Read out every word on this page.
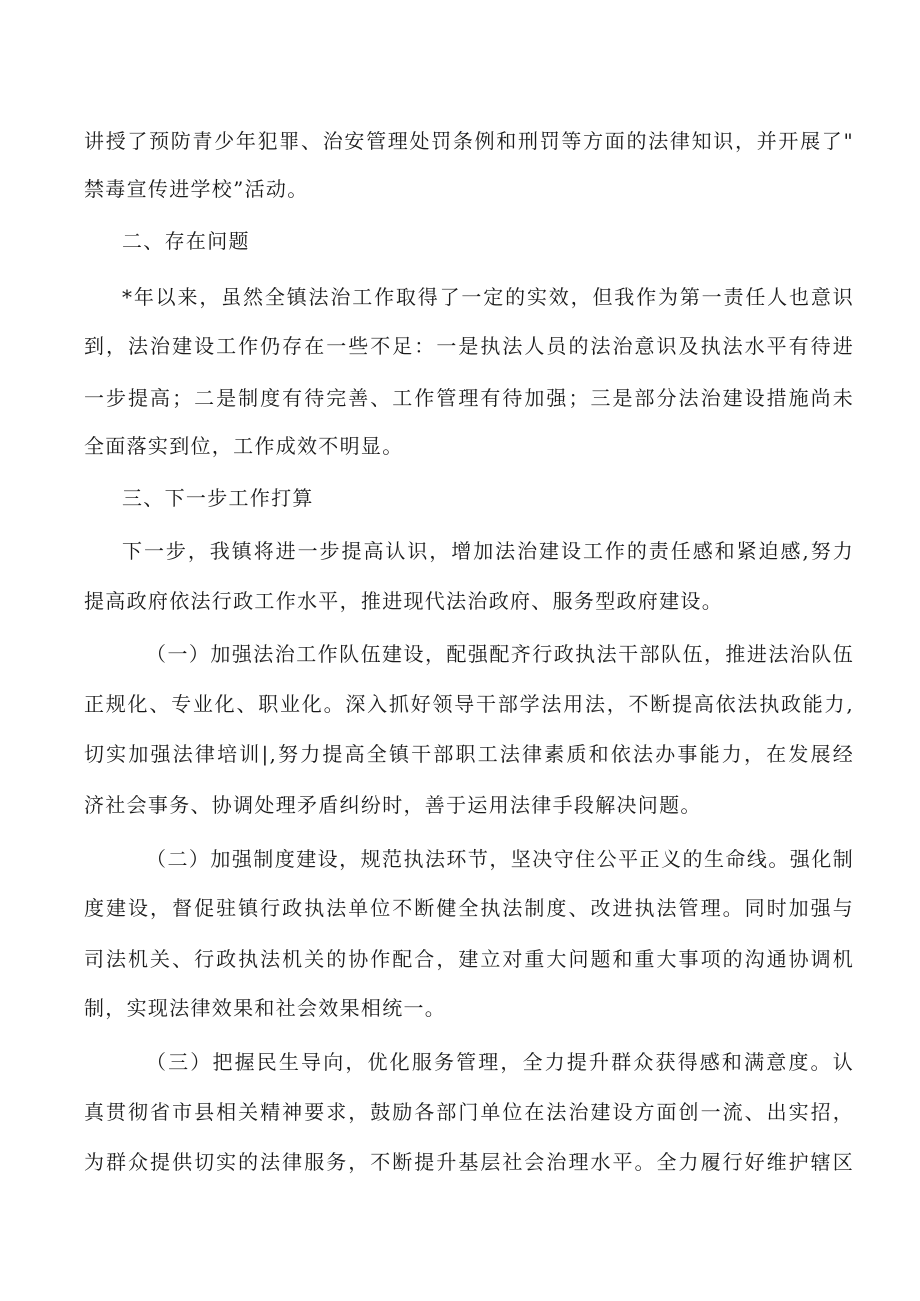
讲授了预防青少年犯罪、治安管理处罚条例和刑罚等方面的法律知识，并开展了"
禁毒宣传进学校”活动。
二、存在问题
*年以来，虽然全镇法治工作取得了一定的实效，但我作为第一责任人也意识
到，法治建设工作仍存在一些不足：一是执法人员的法治意识及执法水平有待进
一步提高；二是制度有待完善、工作管理有待加强；三是部分法治建设措施尚未
全面落实到位，工作成效不明显。
三、下一步工作打算
下一步，我镇将进一步提高认识，增加法治建设工作的责任感和紧迫感,努力
提高政府依法行政工作水平，推进现代法治政府、服务型政府建设。
（一）加强法治工作队伍建设，配强配齐行政执法干部队伍，推进法治队伍
正规化、专业化、职业化。深入抓好领导干部学法用法，不断提高依法执政能力,
切实加强法律培训|,努力提高全镇干部职工法律素质和依法办事能力，在发展经
济社会事务、协调处理矛盾纠纷时，善于运用法律手段解决问题。
（二）加强制度建设，规范执法环节，坚决守住公平正义的生命线。强化制
度建设，督促驻镇行政执法单位不断健全执法制度、改进执法管理。同时加强与
司法机关、行政执法机关的协作配合，建立对重大问题和重大事项的沟通协调机
制，实现法律效果和社会效果相统一。
（三）把握民生导向，优化服务管理，全力提升群众获得感和满意度。认
真贯彻省市县相关精神要求，鼓励各部门单位在法治建设方面创一流、出实招，
为群众提供切实的法律服务，不断提升基层社会治理水平。全力履行好维护辖区
